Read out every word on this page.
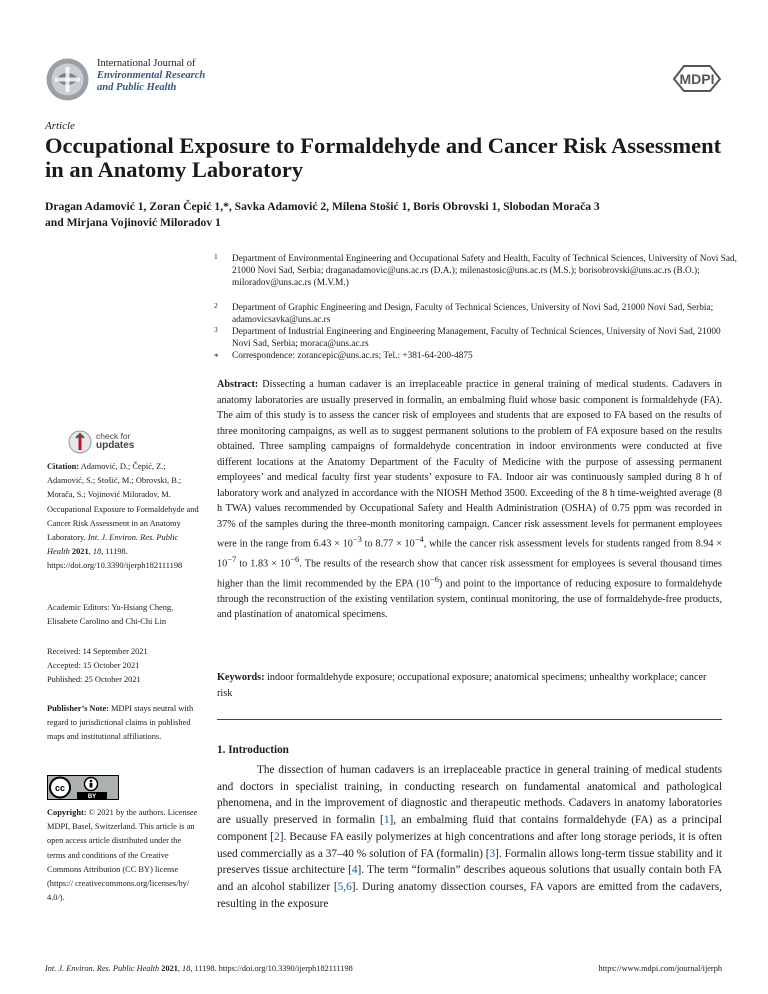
International Journal of
Environmental Research
and Public Health
MDPI
Article
Occupational Exposure to Formaldehyde and Cancer Risk Assessment in an Anatomy Laboratory
Dragan Adamović 1, Zoran Čepić 1,*, Savka Adamović 2, Milena Stošić 1, Boris Obrovski 1, Slobodan Morača 3
and Mirjana Vojinović Miloradov 1
1 Department of Environmental Engineering and Occupational Safety and Health, Faculty of Technical Sciences, University of Novi Sad, 21000 Novi Sad, Serbia; draganadamovic@uns.ac.rs (D.A.); milenastosic@uns.ac.rs (M.S.); borisobrovski@uns.ac.rs (B.O.); miloradov@uns.ac.rs (M.V.M.)
2 Department of Graphic Engineering and Design, Faculty of Technical Sciences, University of Novi Sad, 21000 Novi Sad, Serbia; adamovicsavka@uns.ac.rs
3 Department of Industrial Engineering and Engineering Management, Faculty of Technical Sciences, University of Novi Sad, 21000 Novi Sad, Serbia; moraca@uns.ac.rs
* Correspondence: zorancepic@uns.ac.rs; Tel.: +381-64-200-4875
check for
updates
Citation: Adamović, D.; Čepić, Z.; Adamović, S.; Stošić, M.; Obrovski, B.; Morača, S.; Vojinović Miloradov, M. Occupational Exposure to Formaldehyde and Cancer Risk Assessment in an Anatomy Laboratory. Int. J. Environ. Res. Public Health 2021, 18, 11198. https://doi.org/10.3390/ijerph182111198
Academic Editors: Yu-Hsiang Cheng, Elisabete Carolino and Chi-Chi Lin
Received: 14 September 2021
Accepted: 15 October 2021
Published: 25 October 2021
Publisher’s Note: MDPI stays neutral with regard to jurisdictional claims in published maps and institutional affiliations.
cc
BY
Copyright: © 2021 by the authors. Licensee MDPI, Basel, Switzerland. This article is an open access article distributed under the terms and conditions of the Creative Commons Attribution (CC BY) license (https:// creativecommons.org/licenses/by/ 4.0/).

Abstract: Dissecting a human cadaver is an irreplaceable practice in general training of medical students. Cadavers in anatomy laboratories are usually preserved in formalin, an embalming fluid whose basic component is formaldehyde (FA). The aim of this study is to assess the cancer risk of employees and students that are exposed to FA based on the results of three monitoring campaigns, as well as to suggest permanent solutions to the problem of FA exposure based on the results obtained. Three sampling campaigns of formaldehyde concentration in indoor environments were conducted at five different locations at the Anatomy Department of the Faculty of Medicine with the purpose of assessing permanent employees’ and medical faculty first year students’ exposure to FA. Indoor air was continuously sampled during 8 h of laboratory work and analyzed in accordance with the NIOSH Method 3500. Exceeding of the 8 h time-weighted average (8 h TWA) values recommended by Occupational Safety and Health Administration (OSHA) of 0.75 ppm was recorded in 37% of the samples during the three-month monitoring campaign. Cancer risk assessment levels for permanent employees were in the range from $6.43 \times 10^{-3}$ to $8.77 \times 10^{-4}$, while the cancer risk assessment levels for students ranged from $8.94 \times 10^{-7}$ to $1.83 \times 10^{-6}$. The results of the research show that cancer risk assessment for employees is several thousand times higher than the limit recommended by the EPA $(10^{-6})$ and point to the importance of reducing exposure to formaldehyde through the reconstruction of the existing ventilation system, continual monitoring, the use of formaldehyde-free products, and plastination of anatomical specimens.

Keywords: indoor formaldehyde exposure; occupational exposure; anatomical specimens; unhealthy workplace; cancer risk

1. Introduction

The dissection of human cadavers is an irreplaceable practice in general training of medical students and doctors in specialist training, in conducting research on fundamental anatomical and pathological phenomena, and in the improvement of diagnostic and therapeutic methods. Cadavers in anatomy laboratories are usually preserved in formalin [1], an embalming fluid that contains formaldehyde (FA) as a principal component [2]. Because FA easily polymerizes at high concentrations and after long storage periods, it is often used commercially as a 37–40 % solution of FA (formalin) [3]. Formalin allows long-term tissue stability and it preserves tissue architecture [4]. The term “formalin” describes aqueous solutions that usually contain both FA and an alcohol stabilizer [5,6]. During anatomy dissection courses, FA vapors are emitted from the cadavers, resulting in the exposure

Int. J. Environ. Res. Public Health 2021, 18, 11198. https://doi.org/10.3390/ijerph182111198	https://www.mdpi.com/journal/ijerph
